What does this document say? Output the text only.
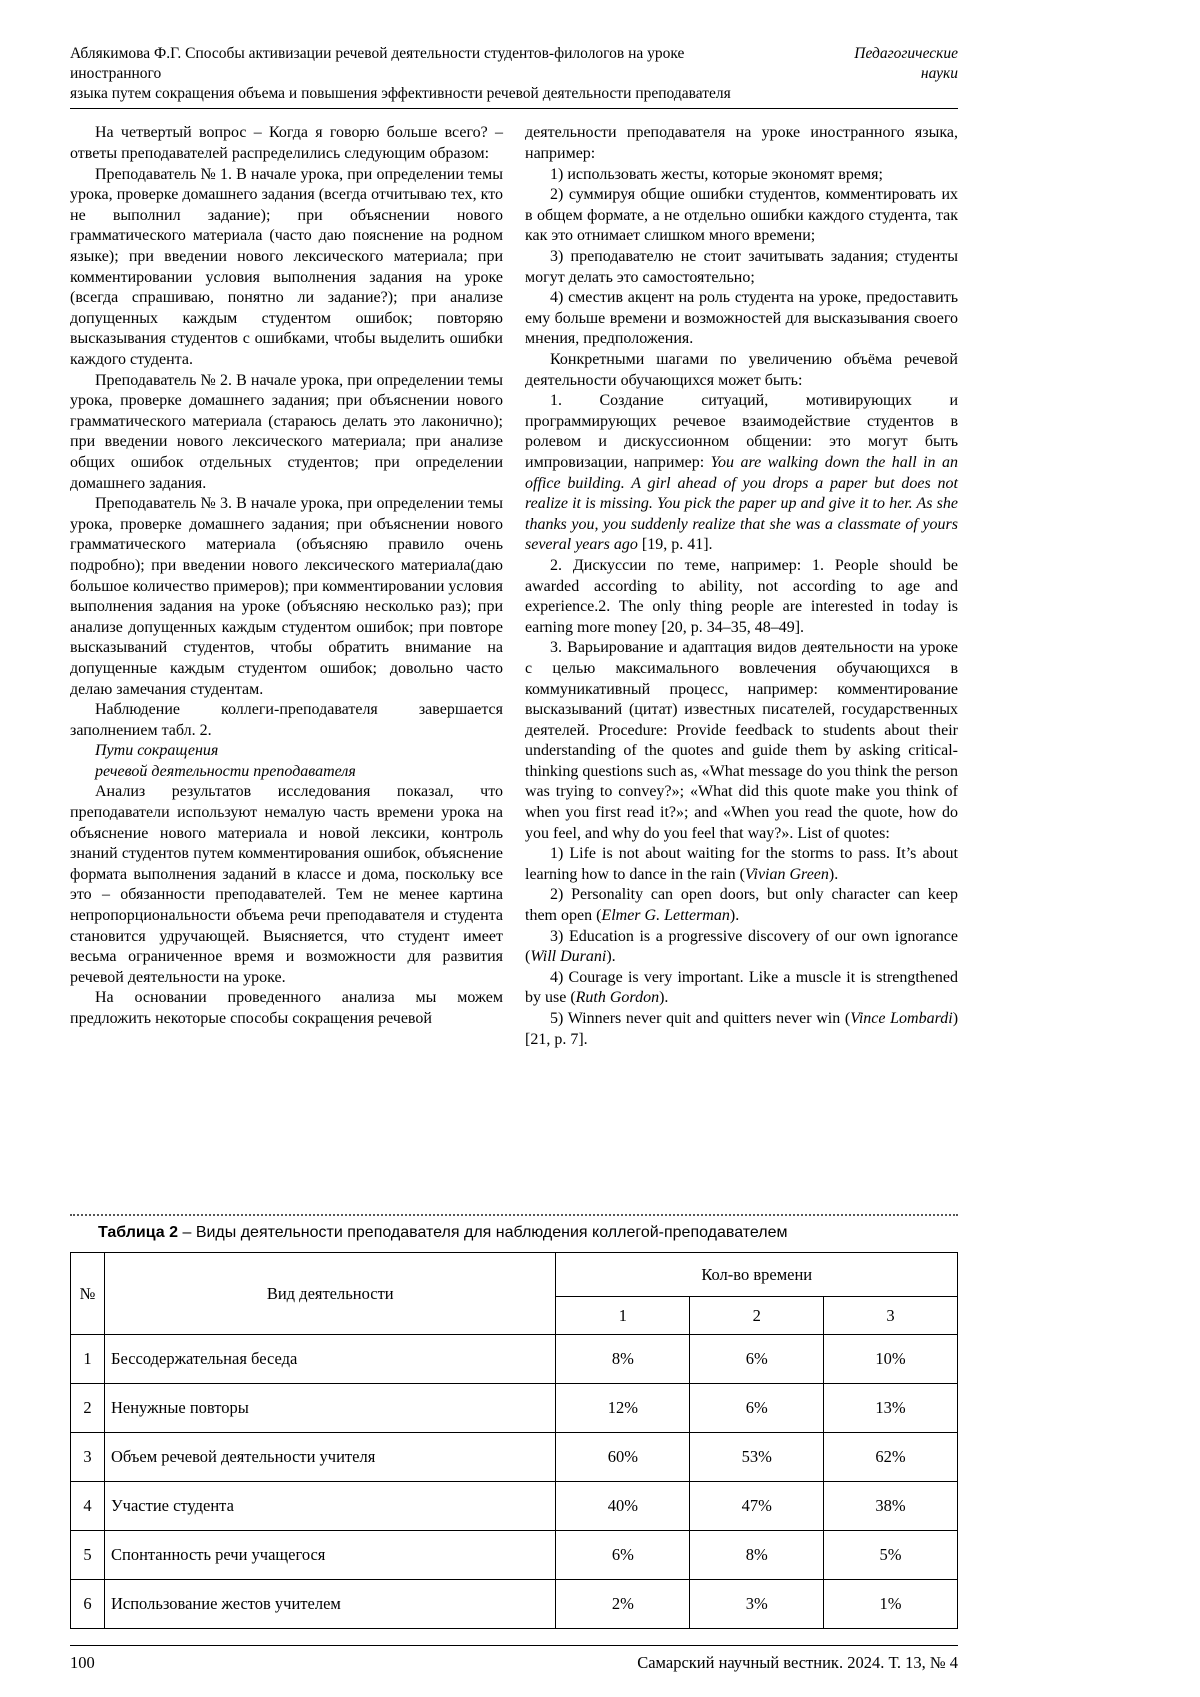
Аблякимова Ф.Г. Способы активизации речевой деятельности студентов-филологов на уроке иностранного
языка путем сокращения объема и повышения эффективности речевой деятельности преподавателя
Педагогические
науки

На четвертый вопрос – Когда я говорю больше всего? – ответы преподавателей распределились следующим образом:

Преподаватель № 1. В начале урока, при определении темы урока, проверке домашнего задания (всегда отчитываю тех, кто не выполнил задание); при объяснении нового грамматического материала (часто даю пояснение на родном языке); при введении нового лексического материала; при комментировании условия выполнения задания на уроке (всегда спрашиваю, понятно ли задание?); при анализе допущенных каждым студентом ошибок; повторяю высказывания студентов с ошибками, чтобы выделить ошибки каждого студента.

Преподаватель № 2. В начале урока, при определении темы урока, проверке домашнего задания; при объяснении нового грамматического материала (стараюсь делать это лаконично); при введении нового лексического материала; при анализе общих ошибок отдельных студентов; при определении домашнего задания.

Преподаватель № 3. В начале урока, при определении темы урока, проверке домашнего задания; при объяснении нового грамматического материала (объясняю правило очень подробно); при введении нового лексического материала(даю большое количество примеров); при комментировании условия выполнения задания на уроке (объясняю несколько раз); при анализе допущенных каждым студентом ошибок; при повторе высказываний студентов, чтобы обратить внимание на допущенные каждым студентом ошибок; довольно часто делаю замечания студентам.

Наблюдение коллеги-преподавателя завершается заполнением табл. 2.

Пути сокращения

речевой деятельности преподавателя

Анализ результатов исследования показал, что преподаватели используют немалую часть времени урока на объяснение нового материала и новой лексики, контроль знаний студентов путем комментирования ошибок, объяснение формата выполнения заданий в классе и дома, поскольку все это – обязанности преподавателей. Тем не менее картина непропорциональности объема речи преподавателя и студента становится удручающей. Выясняется, что студент имеет весьма ограниченное время и возможности для развития речевой деятельности на уроке.

На основании проведенного анализа мы можем предложить некоторые способы сокращения речевой

деятельности преподавателя на уроке иностранного языка, например:

1) использовать жесты, которые экономят время;

2) суммируя общие ошибки студентов, комментировать их в общем формате, а не отдельно ошибки каждого студента, так как это отнимает слишком много времени;

3) преподавателю не стоит зачитывать задания; студенты могут делать это самостоятельно;

4) сместив акцент на роль студента на уроке, предоставить ему больше времени и возможностей для высказывания своего мнения, предположения.

Конкретными шагами по увеличению объёма речевой деятельности обучающихся может быть:

1. Создание ситуаций, мотивирующих и программирующих речевое взаимодействие студентов в ролевом и дискуссионном общении: это могут быть импровизации, например: You are walking down the hall in an office building. A girl ahead of you drops a paper but does not realize it is missing. You pick the paper up and give it to her. As she thanks you, you suddenly realize that she was a classmate of yours several years ago [19, p. 41].

2. Дискуссии по теме, например: 1. People should be awarded according to ability, not according to age and experience.2. The only thing people are interested in today is earning more money [20, p. 34–35, 48–49].

3. Варьирование и адаптация видов деятельности на уроке с целью максимального вовлечения обучающихся в коммуникативный процесс, например: комментирование высказываний (цитат) известных писателей, государственных деятелей. Procedure: Provide feedback to students about their understanding of the quotes and guide them by asking critical-thinking questions such as, «What message do you think the person was trying to convey?»; «What did this quote make you think of when you first read it?»; and «When you read the quote, how do you feel, and why do you feel that way?». List of quotes:

1) Life is not about waiting for the storms to pass. It’s about learning how to dance in the rain (Vivian Green).

2) Personality can open doors, but only character can keep them open (Elmer G. Letterman).

3) Education is a progressive discovery of our own ignorance (Will Durani).

4) Courage is very important. Like a muscle it is strengthened by use (Ruth Gordon).

5) Winners never quit and quitters never win (Vince Lombardi) [21, p. 7].

Таблица 2 – Виды деятельности преподавателя для наблюдения коллегой-преподавателем

№	Вид деятельности	Кол-во времени		
		1	2	3
1	Бессодержательная беседа	8%	6%	10%
2	Ненужные повторы	12%	6%	13%
3	Объем речевой деятельности учителя	60%	53%	62%
4	Участие студента	40%	47%	38%
5	Спонтанность речи учащегося	6%	8%	5%
6	Использование жестов учителем	2%	3%	1%
100	Самарский научный вестник. 2024. Т. 13, № 4
